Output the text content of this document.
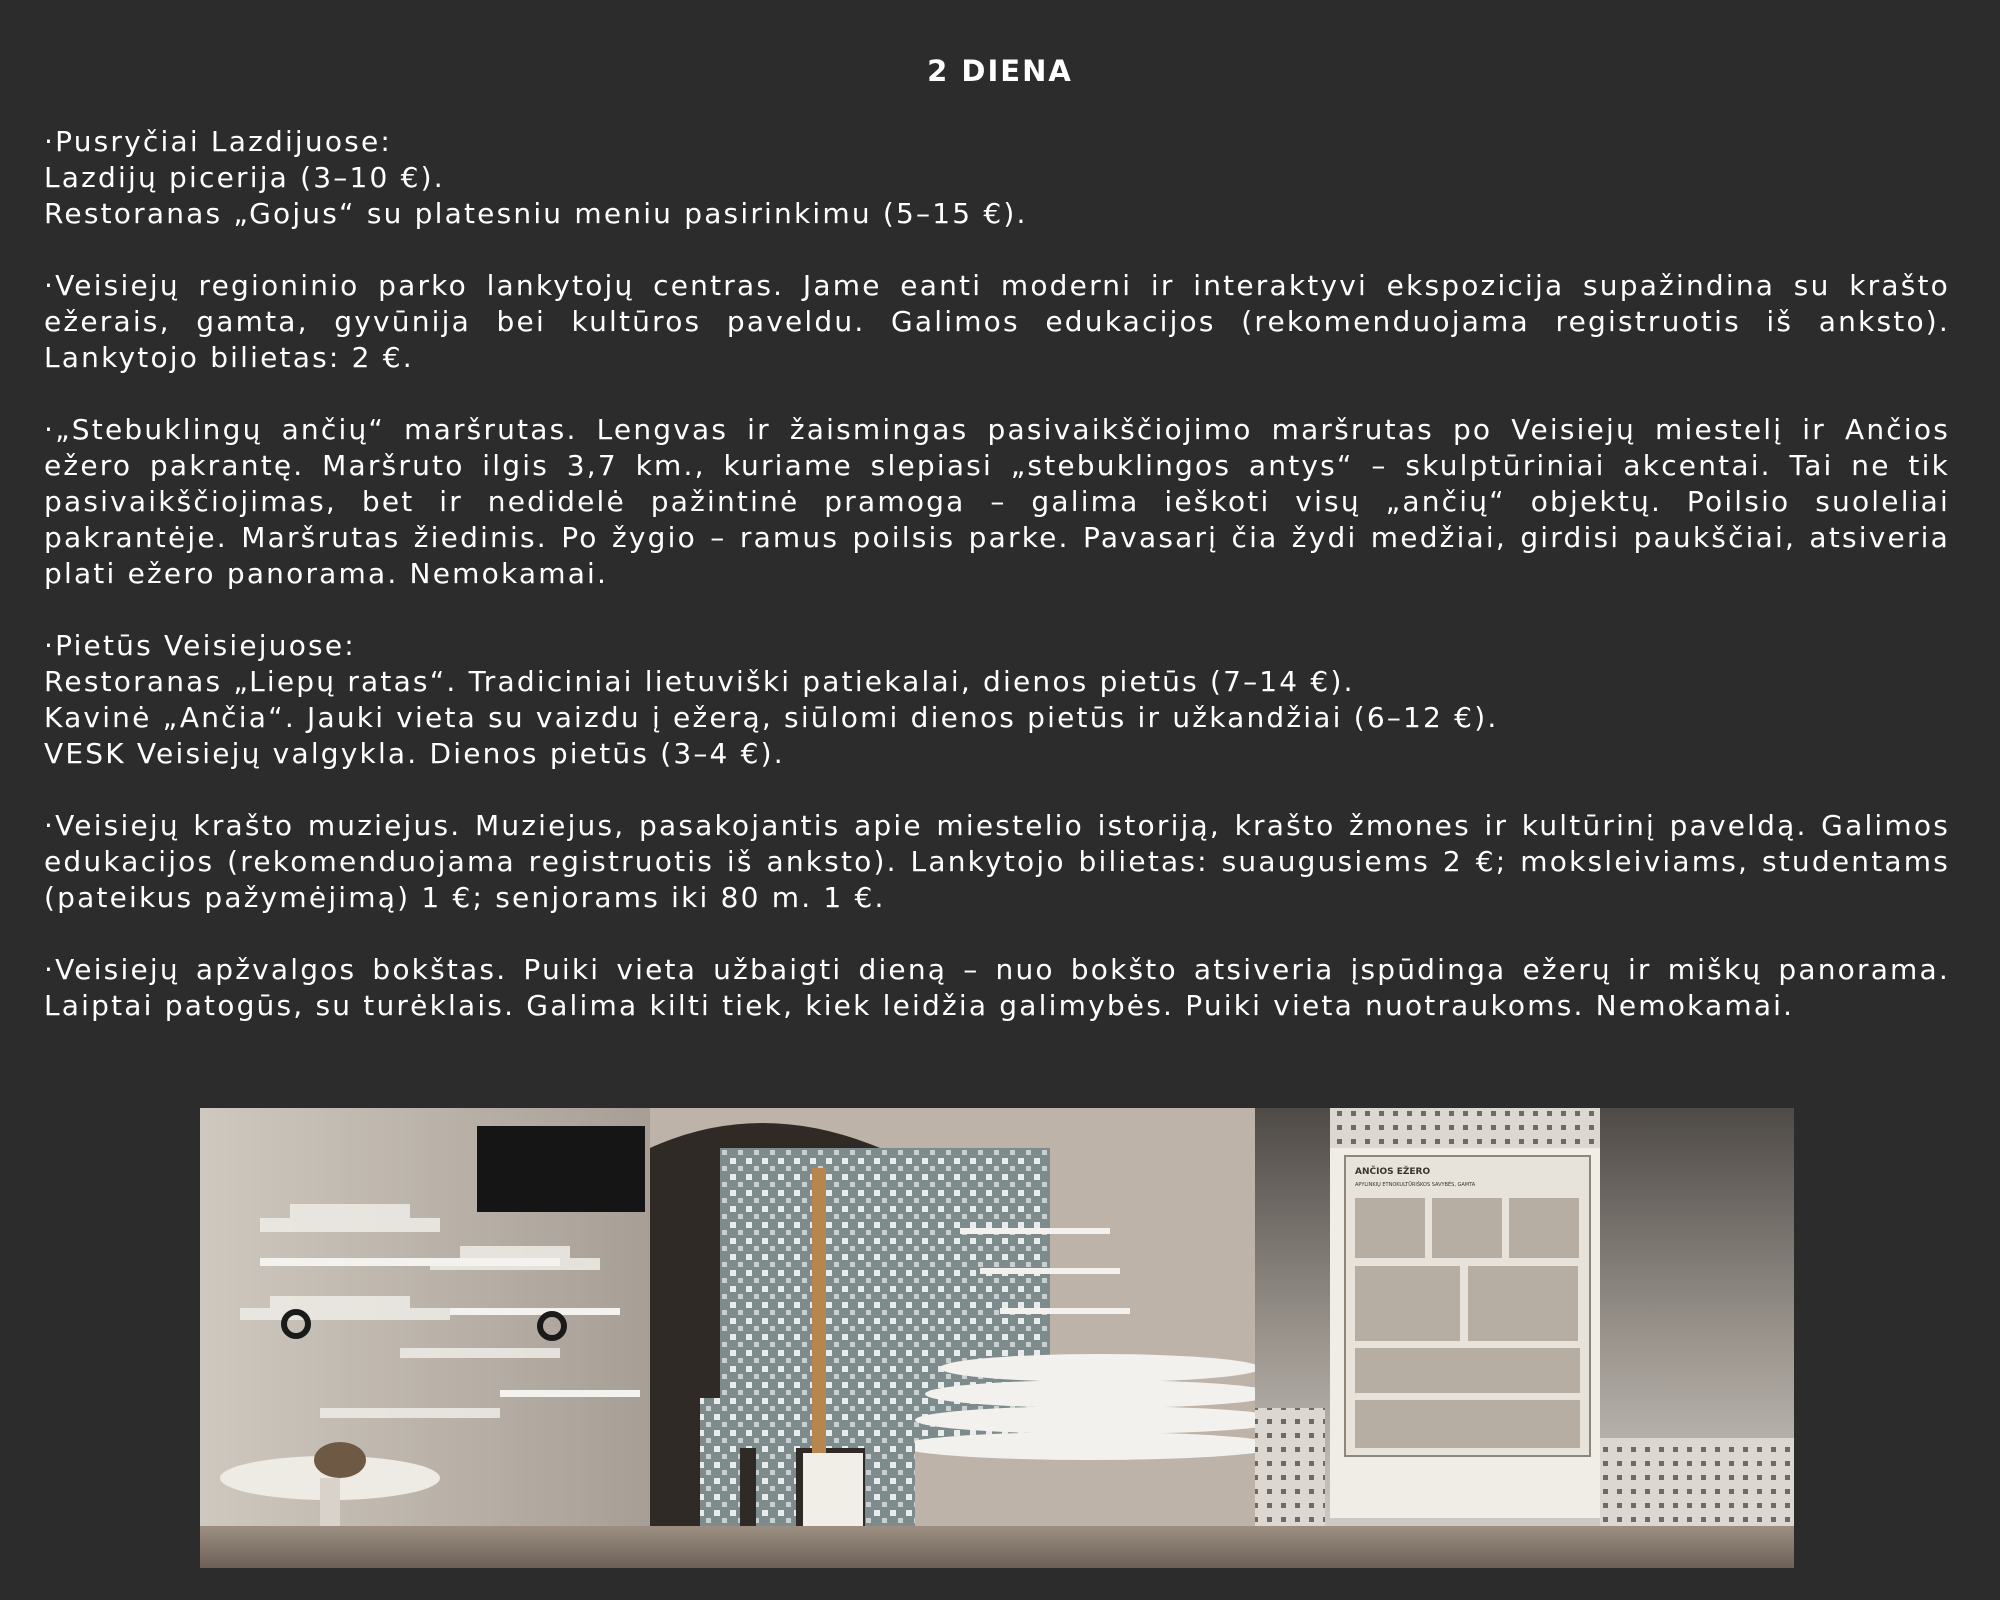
2 DIENA
·Pusryčiai Lazdijuose:
Lazdijų picerija (3–10 €).
Restoranas „Gojus“ su platesniu meniu pasirinkimu (5–15 €).
·Veisiejų regioninio parko lankytojų centras. Jame eanti moderni ir interaktyvi ekspozicija supažindina su krašto ežerais, gamta, gyvūnija bei kultūros paveldu. Galimos edukacijos (rekomenduojama registruotis iš anksto). Lankytojo bilietas: 2 €.
·„Stebuklingų ančių“ maršrutas. Lengvas ir žaismingas pasivaikščiojimo maršrutas po Veisiejų miestelį ir Ančios ežero pakrantę. Maršruto ilgis 3,7 km., kuriame slepiasi „stebuklingos antys“ – skulptūriniai akcentai. Tai ne tik pasivaikščiojimas, bet ir nedidelė pažintinė pramoga – galima ieškoti visų „ančių“ objektų. Poilsio suoleliai pakrantėje. Maršrutas žiedinis. Po žygio – ramus poilsis parke. Pavasarį čia žydi medžiai, girdisi paukščiai, atsiveria plati ežero panorama. Nemokamai.
·Pietūs Veisiejuose:
Restoranas „Liepų ratas“. Tradiciniai lietuviški patiekalai, dienos pietūs (7–14 €).
Kavinė „Ančia“. Jauki vieta su vaizdu į ežerą, siūlomi dienos pietūs ir užkandžiai (6–12 €).
VESK Veisiejų valgykla. Dienos pietūs (3–4 €).
·Veisiejų krašto muziejus. Muziejus, pasakojantis apie miestelio istoriją, krašto žmones ir kultūrinį paveldą. Galimos edukacijos (rekomenduojama registruotis iš anksto). Lankytojo bilietas: suaugusiems 2 €; moksleiviams, studentams (pateikus pažymėjimą) 1 €; senjorams iki 80 m. 1 €.
·Veisiejų apžvalgos bokštas. Puiki vieta užbaigti dieną – nuo bokšto atsiveria įspūdinga ežerų ir miškų panorama. Laiptai patogūs, su turėklais. Galima kilti tiek, kiek leidžia galimybės. Puiki vieta nuotraukoms. Nemokamai.
ANČIOS EŽERO
APYLINKIŲ ETNOKULTŪRIŠKOS SAVYBĖS, GAMTA
